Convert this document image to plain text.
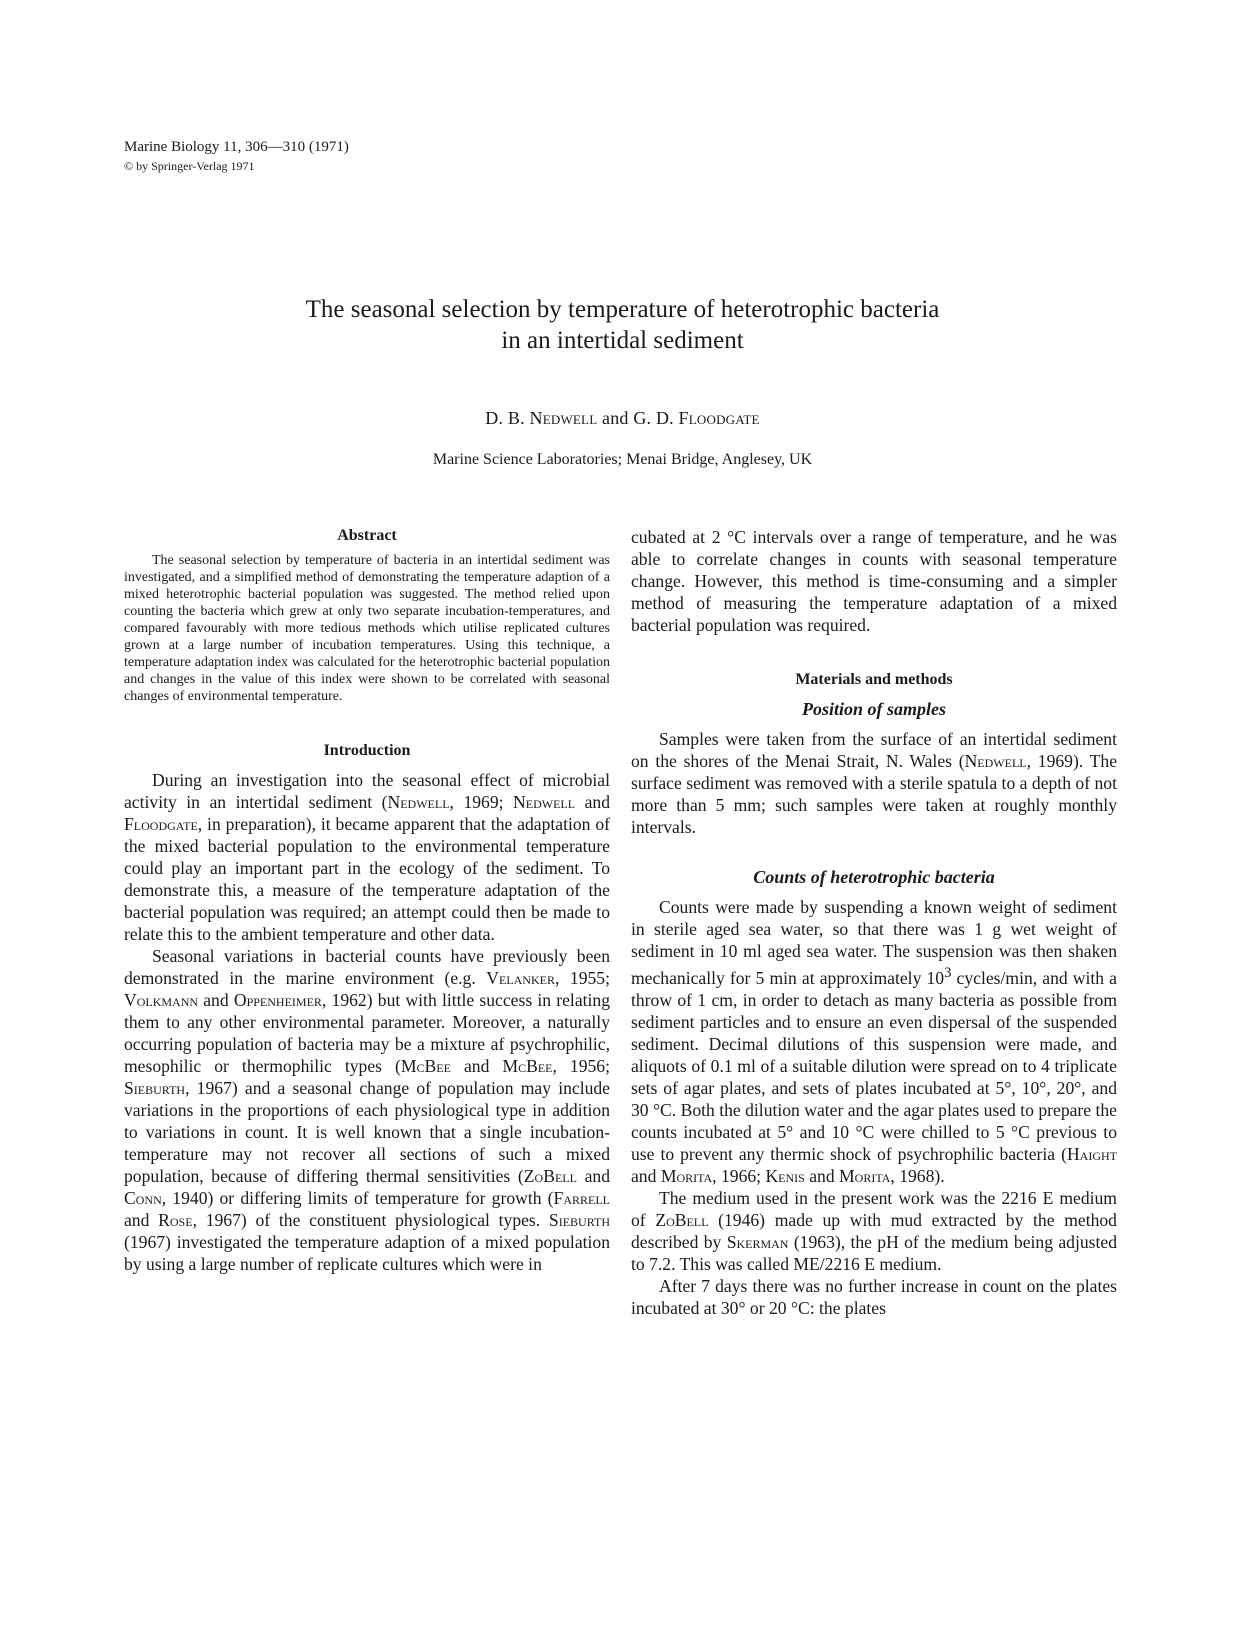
Marine Biology 11, 306—310 (1971)
© by Springer-Verlag 1971
The seasonal selection by temperature of heterotrophic bacteria
in an intertidal sediment
D. B. Nedwell and G. D. Floodgate
Marine Science Laboratories; Menai Bridge, Anglesey, UK
Abstract

The seasonal selection by temperature of bacteria in an intertidal sediment was investigated, and a simplified method of demonstrating the temperature adaption of a mixed heterotrophic bacterial population was suggested. The method relied upon counting the bacteria which grew at only two separate incubation-temperatures, and compared favourably with more tedious methods which utilise replicated cultures grown at a large number of incubation temperatures. Using this technique, a temperature adaptation index was calculated for the heterotrophic bacterial population and changes in the value of this index were shown to be correlated with seasonal changes of environmental temperature.

Introduction

During an investigation into the seasonal effect of microbial activity in an intertidal sediment (Nedwell, 1969; Nedwell and Floodgate, in preparation), it became apparent that the adaptation of the mixed bacterial population to the environmental temperature could play an important part in the ecology of the sediment. To demonstrate this, a measure of the temperature adaptation of the bacterial population was required; an attempt could then be made to relate this to the ambient temperature and other data.

Seasonal variations in bacterial counts have previously been demonstrated in the marine environment (e.g. Velanker, 1955; Volkmann and Oppenheimer, 1962) but with little success in relating them to any other environmental parameter. Moreover, a naturally occurring population of bacteria may be a mixture af psychrophilic, mesophilic or thermophilic types (McBee and McBee, 1956; Sieburth, 1967) and a seasonal change of population may include variations in the proportions of each physiological type in addition to variations in count. It is well known that a single incubation-temperature may not recover all sections of such a mixed population, because of differing thermal sensitivities (ZoBell and Conn, 1940) or differing limits of temperature for growth (Farrell and Rose, 1967) of the constituent physiological types. Sieburth (1967) investigated the temperature adaption of a mixed population by using a large number of replicate cultures which were in

cubated at 2 °C intervals over a range of temperature, and he was able to correlate changes in counts with seasonal temperature change. However, this method is time-consuming and a simpler method of measuring the temperature adaptation of a mixed bacterial population was required.

Materials and methods
Position of samples

Samples were taken from the surface of an intertidal sediment on the shores of the Menai Strait, N. Wales (Nedwell, 1969). The surface sediment was removed with a sterile spatula to a depth of not more than 5 mm; such samples were taken at roughly monthly intervals.

Counts of heterotrophic bacteria

Counts were made by suspending a known weight of sediment in sterile aged sea water, so that there was 1 g wet weight of sediment in 10 ml aged sea water. The suspension was then shaken mechanically for 5 min at approximately $10^3$ cycles/min, and with a throw of 1 cm, in order to detach as many bacteria as possible from sediment particles and to ensure an even dispersal of the suspended sediment. Decimal dilutions of this suspension were made, and aliquots of 0.1 ml of a suitable dilution were spread on to 4 triplicate sets of agar plates, and sets of plates incubated at 5°, 10°, 20°, and 30 °C. Both the dilution water and the agar plates used to prepare the counts incubated at 5° and 10 °C were chilled to 5 °C previous to use to prevent any thermic shock of psychrophilic bacteria (Haight and Morita, 1966; Kenis and Morita, 1968).

The medium used in the present work was the 2216 E medium of ZoBell (1946) made up with mud extracted by the method described by Skerman (1963), the pH of the medium being adjusted to 7.2. This was called ME/2216 E medium.

After 7 days there was no further increase in count on the plates incubated at 30° or 20 °C: the plates
